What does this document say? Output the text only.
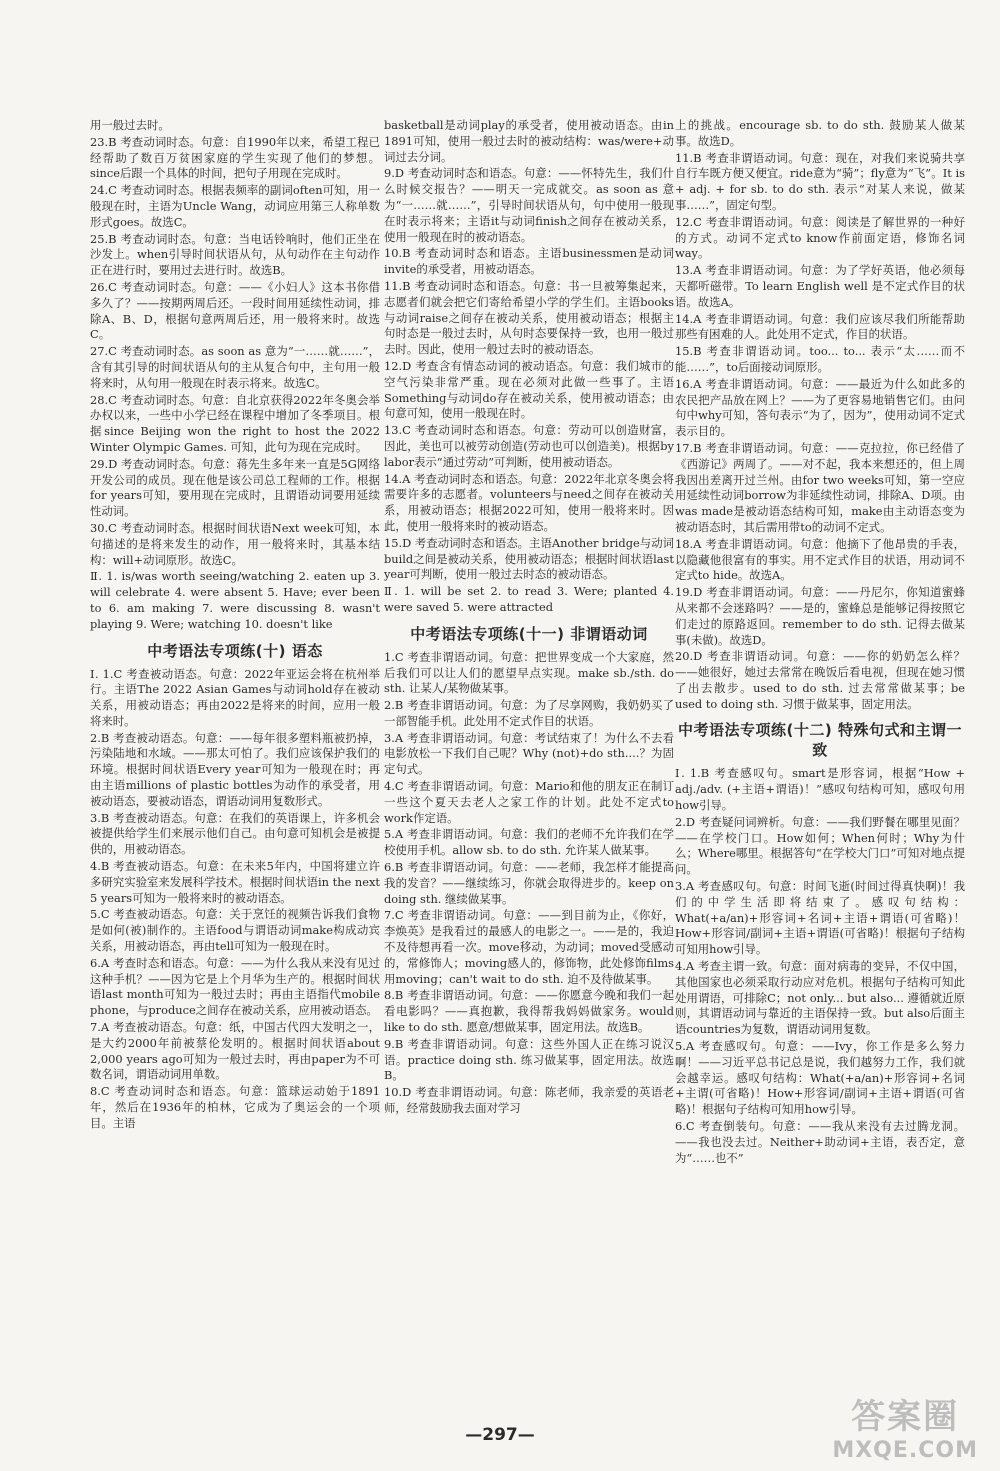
用一般过去时。
23.B 考查动词时态。句意：自1990年以来，希望工程已经帮助了数百万贫困家庭的学生实现了他们的梦想。since后跟一个具体的时间，把句子用现在完成时。
24.C 考查动词时态。根据表频率的副词often可知，用一般现在时，主语为Uncle Wang，动词应用第三人称单数形式goes。故选C。
25.B 考查动词时态。句意：当电话铃响时，他们正坐在沙发上。when引导时间状语从句，从句动作在主句动作正在进行时，要用过去进行时。故选B。
26.C 考查动词时态。句意：——《小妇人》这本书你借多久了？——按期两周后还。一段时间用延续性动词，排除A、B、D，根据句意两周后还，用一般将来时。故选C。
27.C 考查动词时态。as soon as 意为“一……就……”，含有其引导的时间状语从句的主从复合句中，主句用一般将来时，从句用一般现在时表示将来。故选C。
28.C 考查动词时态。句意：自北京获得2022年冬奥会举办权以来，一些中小学已经在课程中增加了冬季项目。根据since Beijing won the right to host the 2022 Winter Olympic Games. 可知，此句为现在完成时。
29.D 考查动词时态。句意：蒋先生多年来一直是5G网络开发公司的成员。现在他是该公司总工程师的工作。根据for years可知，要用现在完成时，且谓语动词要用延续性动词。
30.C 考查动词时态。根据时间状语Next week可知，本句描述的是将来发生的动作，用一般将来时，其基本结构：will+动词原形。故选C。
Ⅱ. 1. is/was worth seeing/watching 2. eaten up 3. will celebrate 4. were absent 5. Have; ever been to 6. am making 7. were discussing 8. wasn't playing 9. Were; watching 10. doesn't like
中考语法专项练(十) 语态
Ⅰ. 1.C 考查被动语态。句意：2022年亚运会将在杭州举行。主语The 2022 Asian Games与动词hold存在被动关系，用被动语态；再由2022是将来的时间，应用一般将来时。
2.B 考查被动语态。句意：——每年很多塑料瓶被扔掉，污染陆地和水域。——那太可怕了。我们应该保护我们的环境。根据时间状语Every year可知为一般现在时；再由主语millions of plastic bottles为动作的承受者，用被动语态，要被动语态，谓语动词用复数形式。
3.B 考查被动语态。句意：在我们的英语课上，许多机会被提供给学生们来展示他们自己。由句意可知机会是被提供的，用被动语态。
4.B 考查被动语态。句意：在未来5年内，中国将建立许多研究实验室来发展科学技术。根据时间状语in the next 5 years可知为一般将来时的被动语态。
5.C 考查被动语态。句意：关于烹饪的视频告诉我们食物是如何(被)制作的。主语food与谓语动词make构成动宾关系，用被动语态，再由tell可知为一般现在时。
6.A 考查时态和语态。句意：——为什么我从来没有见过这种手机？——因为它是上个月华为生产的。根据时间状语last month可知为一般过去时；再由主语指代mobile phone，与produce之间存在被动关系，应用被动语态。
7.A 考查被动语态。句意：纸，中国古代四大发明之一，是大约2000年前被蔡伦发明的。根据时间状语about 2,000 years ago可知为一般过去时，再由paper为不可数名词，谓语动词用单数。
8.C 考查动词时态和语态。句意：篮球运动始于1891年，然后在1936年的柏林，它成为了奥运会的一个项目。主语
basketball是动词play的承受者，使用被动语态。由in 1891可知，使用一般过去时的被动结构：was/were+动词过去分词。
9.D 考查动词时态和语态。句意：——怀特先生，我们什么时候交报告？——明天一完成就交。as soon as 意为“一……就……”，引导时间状语从句，句中使用一般现在时表示将来；主语it与动词finish之间存在被动关系，使用一般现在时的被动语态。
10.B 考查动词时态和语态。主语businessmen是动词invite的承受者，用被动语态。
11.B 考查动词时态和语态。句意：书一旦被筹集起来，志愿者们就会把它们寄给希望小学的学生们。主语books与动词raise之间存在被动关系，使用被动语态；根据主句时态是一般过去时，从句时态要保持一致，也用一般过去时。因此，使用一般过去时的被动语态。
12.D 考查含有情态动词的被动语态。句意：我们城市的空气污染非常严重。现在必须对此做一些事了。主语Something与动词do存在被动关系，使用被动语态；由句意可知，使用一般现在时。
13.C 考查动词时态和语态。句意：劳动可以创造财富，因此，美也可以被劳动创造(劳动也可以创造美)。根据by labor表示“通过劳动”可判断，使用被动语态。
14.A 考查动词时态和语态。句意：2022年北京冬奥会将需要许多的志愿者。volunteers与need之间存在被动关系，用被动语态；根据2022可知，使用一般将来时。因此，使用一般将来时的被动语态。
15.D 考查动词时态和语态。主语Another bridge与动词build之间是被动关系，使用被动语态；根据时间状语last year可判断，使用一般过去时态的被动语态。
Ⅱ. 1. will be set 2. to read 3. Were; planted 4. were saved 5. were attracted
中考语法专项练(十一) 非谓语动词
1.C 考查非谓语动词。句意：把世界变成一个大家庭，然后我们可以让人们的愿望早点实现。make sb./sth. do sth. 让某人/某物做某事。
2.B 考查非谓语动词。句意：为了尽享网购，我奶奶买了一部智能手机。此处用不定式作目的状语。
3.A 考查非谓语动词。句意：考试结束了！为什么不去看电影放松一下我们自己呢？Why (not)+do sth....？为固定句式。
4.C 考查非谓语动词。句意：Mario和他的朋友正在制订一些这个夏天去老人之家工作的计划。此处不定式to work作定语。
5.A 考查非谓语动词。句意：我们的老师不允许我们在学校使用手机。allow sb. to do sth. 允许某人做某事。
6.B 考查非谓语动词。句意：——老师，我怎样才能提高我的发音？——继续练习，你就会取得进步的。keep on doing sth. 继续做某事。
7.C 考查非谓语动词。句意：——到目前为止，《你好，李焕英》是我看过的最感人的电影之一。——是的，我迫不及待想再看一次。move移动，为动词；moved受感动的，常修饰人；moving感人的，修饰物，此处修饰films用moving；can't wait to do sth. 迫不及待做某事。
8.B 考查非谓语动词。句意：——你愿意今晚和我们一起看电影吗？——真抱歉，我得帮我妈妈做家务。would like to do sth. 愿意/想做某事，固定用法。故选B。
9.B 考查非谓语动词。句意：这些外国人正在练习说汉语。practice doing sth. 练习做某事，固定用法。故选B。
10.D 考查非谓语动词。句意：陈老师，我亲爱的英语老师，经常鼓励我去面对学习
上的挑战。encourage sb. to do sth. 鼓励某人做某事。故选D。
11.B 考查非谓语动词。句意：现在，对我们来说骑共享自行车既方便又便宜。ride意为“骑”；fly意为“飞”。It is + adj. + for sb. to do sth. 表示“对某人来说，做某事……”，固定句型。
12.C 考查非谓语动词。句意：阅读是了解世界的一种好的方式。动词不定式to know作前面定语，修饰名词way。
13.A 考查非谓语动词。句意：为了学好英语，他必须每天都听磁带。To learn English well 是不定式作目的状语。故选A。
14.A 考查非谓语动词。句意：我们应该尽我们所能帮助那些有困难的人。此处用不定式，作目的状语。
15.B 考查非谓语动词。too... to... 表示“太……而不能……”，to后面接动词原形。
16.A 考查非谓语动词。句意：——最近为什么如此多的农民把产品放在网上？——为了更容易地销售它们。由问句中why可知，答句表示“为了，因为”，使用动词不定式表示目的。
17.B 考查非谓语动词。句意：——克拉拉，你已经借了《西游记》两周了。——对不起，我本来想还的，但上周我因出差离开过兰州。由for two weeks可知，第一空应用延续性动词borrow为非延续性动词，排除A、D项。由was made是被动语态结构可知，make由主动语态变为被动语态时，其后需用带to的动词不定式。
18.A 考查非谓语动词。句意：他摘下了他昂贵的手表，以隐藏他很富有的事实。用不定式作目的状语，用动词不定式to hide。故选A。
19.D 考查非谓语动词。句意：——丹尼尔，你知道蜜蜂从来都不会迷路吗？——是的，蜜蜂总是能够记得按照它们走过的原路返回。remember to do sth. 记得去做某事(未做)。故选D。
20.D 考查非谓语动词。句意：——你的奶奶怎么样？——她很好，她过去常常在晚饭后看电视，但现在她习惯了出去散步。used to do sth. 过去常常做某事；be used to doing sth. 习惯于做某事，固定用法。
中考语法专项练(十二) 特殊句式和主谓一致
Ⅰ. 1.B 考查感叹句。smart是形容词，根据“How + adj./adv. (+主语+谓语)！”感叹句结构可知，感叹句用how引导。
2.D 考查疑问词辨析。句意：——我们野餐在哪里见面？——在学校门口。How如何；When何时；Why为什么；Where哪里。根据答句“在学校大门口”可知对地点提问。
3.A 考查感叹句。句意：时间飞逝(时间过得真快啊)！我们的中学生活即将结束了。感叹句结构：What(+a/an)+形容词+名词+主语+谓语(可省略)！How+形容词/副词+主语+谓语(可省略)！根据句子结构可知用how引导。
4.A 考查主谓一致。句意：面对病毒的变异，不仅中国，其他国家也必须采取行动应对危机。根据句子结构可知此处用谓语，可排除C；not only... but also... 遵循就近原则，其谓语动词与靠近的主语保持一致。but also后面主语countries为复数，谓语动词用复数。
5.A 考查感叹句。句意：——Ivy，你工作是多么努力啊！——习近平总书记总是说，我们越努力工作，我们就会越幸运。感叹句结构：What(+a/an)+形容词+名词+主谓(可省略)！How+形容词/副词+主语+谓语(可省略)！根据句子结构可知用how引导。
6.C 考查倒装句。句意：——我从来没有去过腾龙洞。——我也没去过。Neither+助动词+主语，表否定，意为“……也不”
—297—	答案圈
MXQE.COM
